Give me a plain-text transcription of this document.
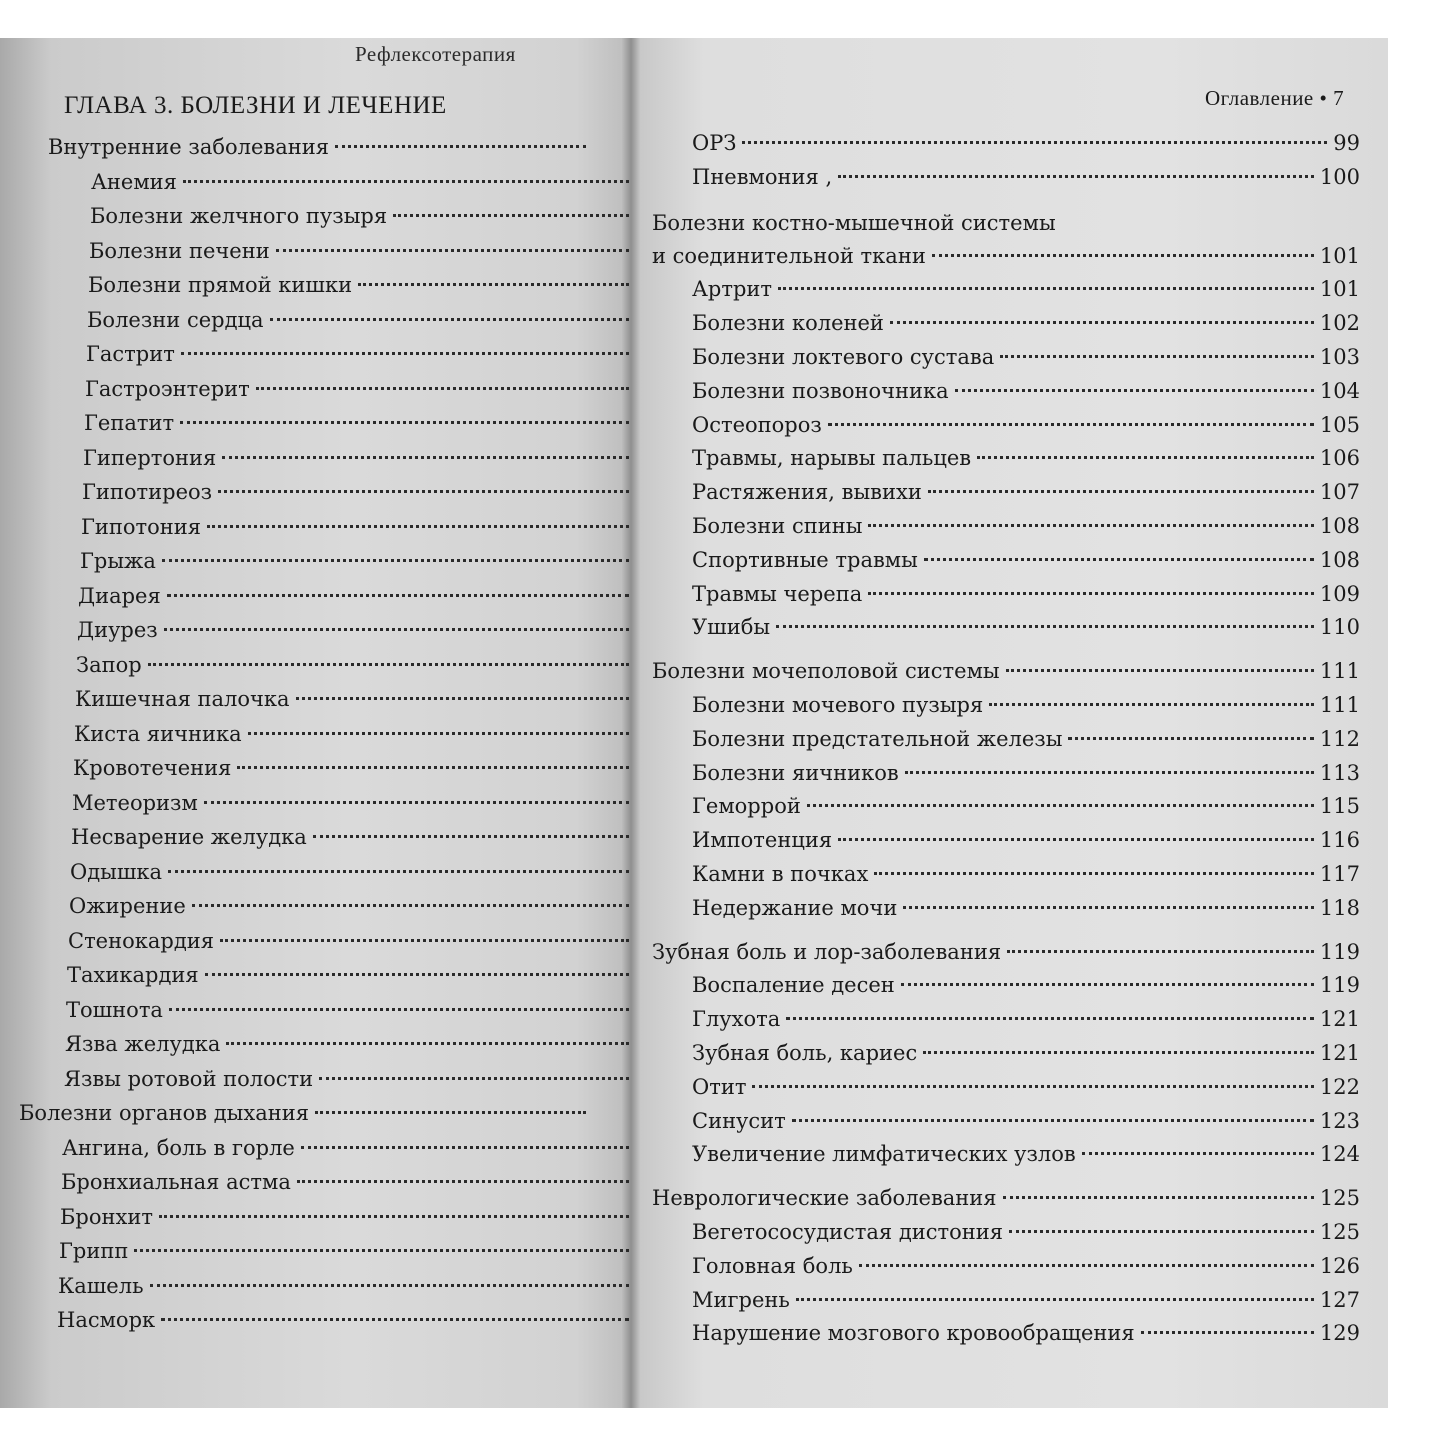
Рефлексотерапия
Оглавление • 7
ГЛАВА 3. БОЛЕЗНИ И ЛЕЧЕНИЕ
Внутренние заболевания
Анемия
Болезни желчного пузыря
Болезни печени
Болезни прямой кишки
Болезни сердца
Гастрит
Гастроэнтерит
Гепатит
Гипертония
Гипотиреоз
Гипотония
Грыжа
Диарея
Диурез
Запор
Кишечная палочка
Киста яичника
Кровотечения
Метеоризм
Несварение желудка
Одышка
Ожирение
Стенокардия
Тахикардия
Тошнота
Язва желудка
Язвы ротовой полости
Болезни органов дыхания
Ангина, боль в горле
Бронхиальная астма
Бронхит
Грипп
Кашель
Насморк
ОРЗ	99
Пневмония ,	100
Болезни костно-мышечной системы
и соединительной ткани	101
Артрит	101
Болезни коленей	102
Болезни локтевого сустава	103
Болезни позвоночника	104
Остеопороз	105
Травмы, нарывы пальцев	106
Растяжения, вывихи	107
Болезни спины	108
Спортивные травмы	108
Травмы черепа	109
Ушибы	110
Болезни мочеполовой системы	111
Болезни мочевого пузыря	111
Болезни предстательной железы	112
Болезни яичников	113
Геморрой	115
Импотенция	116
Камни в почках	117
Недержание мочи	118
Зубная боль и лор-заболевания	119
Воспаление десен	119
Глухота	121
Зубная боль, кариес	121
Отит	122
Синусит	123
Увеличение лимфатических узлов	124
Неврологические заболевания	125
Вегетососудистая дистония	125
Головная боль	126
Мигрень	127
Нарушение мозгового кровообращения	129
